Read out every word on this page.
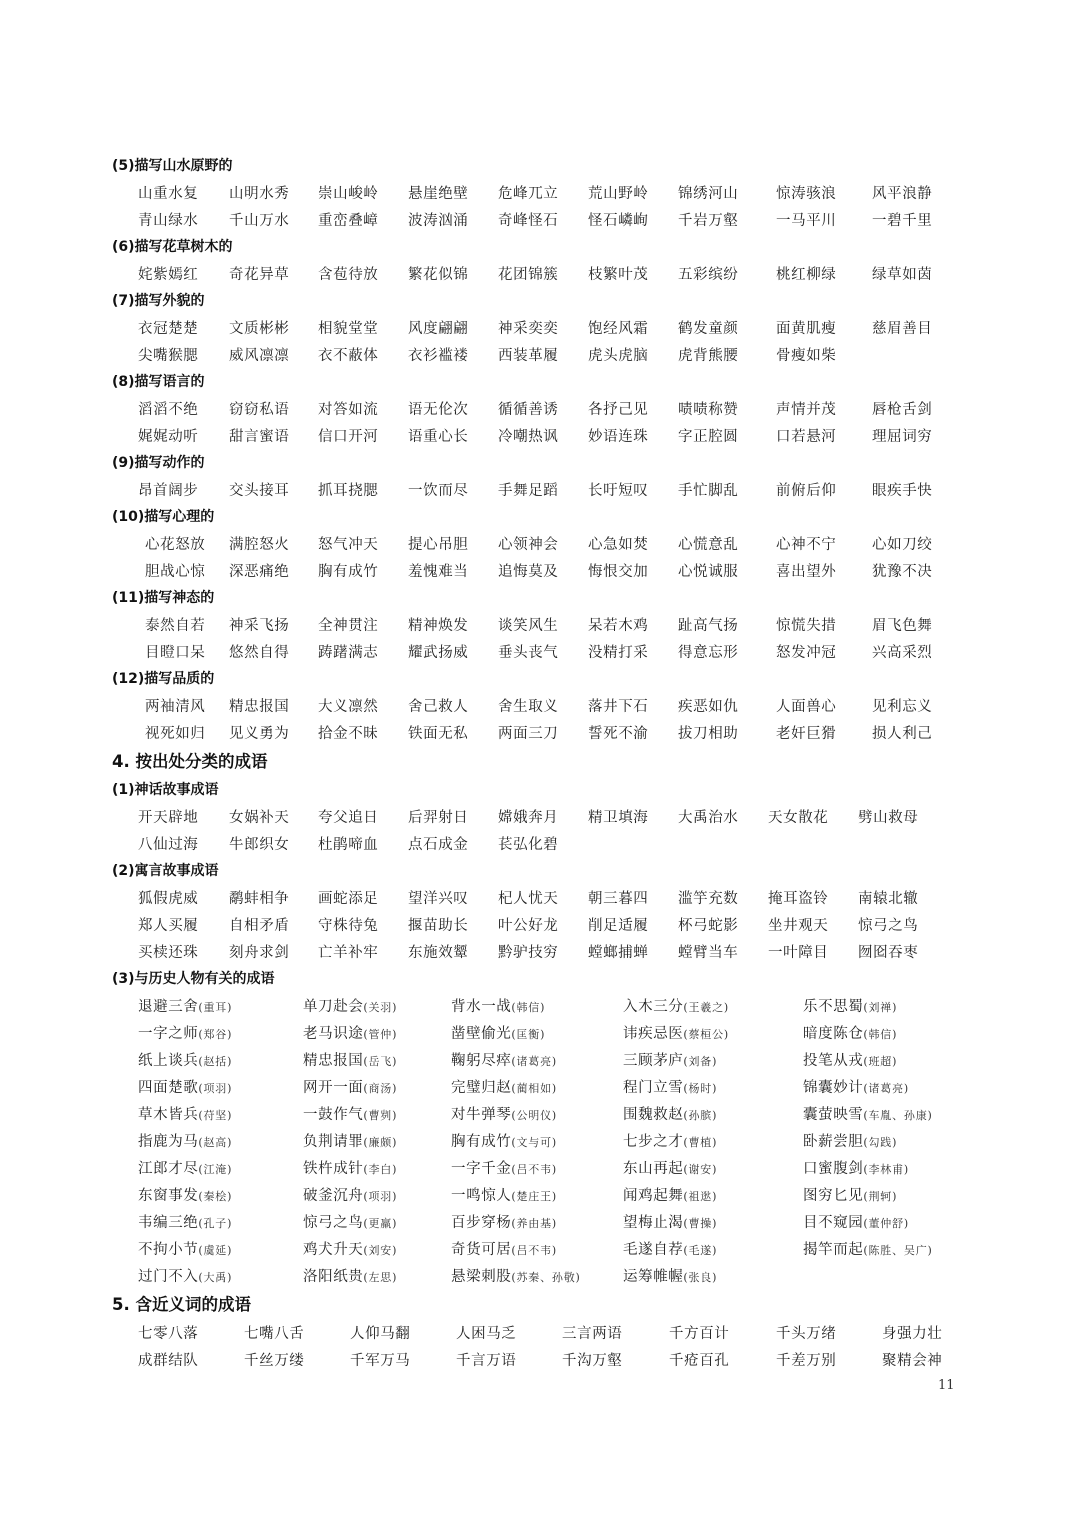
(5)描写山水原野的
山重水复 山明水秀 崇山峻岭 悬崖绝壁 危峰兀立 荒山野岭 锦绣河山	惊涛骇浪 风平浪静
青山绿水 千山万水 重峦叠嶂 波涛汹涌 奇峰怪石 怪石嶙峋 千岩万壑	一马平川 一碧千里
(6)描写花草树木的
姹紫嫣红 奇花异草 含苞待放 繁花似锦 花团锦簇 枝繁叶茂 五彩缤纷	桃红柳绿 绿草如茵
(7)描写外貌的
衣冠楚楚 文质彬彬 相貌堂堂 风度翩翩 神采奕奕 饱经风霜 鹤发童颜	面黄肌瘦 慈眉善目
尖嘴猴腮 威风凛凛 衣不蔽体 衣衫褴褛 西装革履 虎头虎脑 虎背熊腰	骨瘦如柴
(8)描写语言的
滔滔不绝 窃窃私语 对答如流 语无伦次 循循善诱 各抒己见 啧啧称赞	声情并茂 唇枪舌剑
娓娓动听 甜言蜜语 信口开河 语重心长 冷嘲热讽 妙语连珠 字正腔圆	口若悬河 理屈词穷
(9)描写动作的
昂首阔步 交头接耳 抓耳挠腮 一饮而尽 手舞足蹈 长吁短叹 手忙脚乱	前俯后仰 眼疾手快
(10)描写心理的
心花怒放 满腔怒火 怒气冲天 提心吊胆 心领神会 心急如焚 心慌意乱	心神不宁 心如刀绞
胆战心惊 深恶痛绝 胸有成竹 羞愧难当 追悔莫及 悔恨交加 心悦诚服	喜出望外 犹豫不决
(11)描写神态的
泰然自若 神采飞扬 全神贯注 精神焕发 谈笑风生 呆若木鸡 趾高气扬	惊慌失措 眉飞色舞
目瞪口呆 悠然自得 踌躇满志 耀武扬威 垂头丧气 没精打采 得意忘形	怒发冲冠 兴高采烈
(12)描写品质的
两袖清风 精忠报国 大义凛然 舍己救人 舍生取义 落井下石 疾恶如仇	人面兽心 见利忘义
视死如归 见义勇为 拾金不昧 铁面无私 两面三刀 誓死不渝 拔刀相助	老奸巨猾 损人利己
4. 按出处分类的成语
(1)神话故事成语
开天辟地 女娲补天 夸父追日 后羿射日 嫦娥奔月 精卫填海 大禹治水 天女散花 劈山救母
八仙过海 牛郎织女 杜鹃啼血 点石成金 苌弘化碧
(2)寓言故事成语
狐假虎威 鹬蚌相争 画蛇添足 望洋兴叹 杞人忧天 朝三暮四 滥竽充数 掩耳盗铃 南辕北辙
郑人买履 自相矛盾 守株待兔 揠苗助长 叶公好龙 削足适履 杯弓蛇影 坐井观天 惊弓之鸟
买椟还珠 刻舟求剑 亡羊补牢 东施效颦 黔驴技穷 螳螂捕蝉 螳臂当车 一叶障目 囫囵吞枣
(3)与历史人物有关的成语
退避三舍(重耳)	单刀赴会(关羽)	背水一战(韩信)	入木三分(王羲之)	乐不思蜀(刘禅)
一字之师(郑谷)	老马识途(管仲)	凿壁偷光(匡衡)	讳疾忌医(蔡桓公)	暗度陈仓(韩信)
纸上谈兵(赵括)	精忠报国(岳飞)	鞠躬尽瘁(诸葛亮)	三顾茅庐(刘备)	投笔从戎(班超)
四面楚歌(项羽)	网开一面(商汤)	完璧归赵(蔺相如)	程门立雪(杨时)	锦囊妙计(诸葛亮)
草木皆兵(苻坚)	一鼓作气(曹刿)	对牛弹琴(公明仪)	围魏救赵(孙膑)	囊萤映雪(车胤、孙康)
指鹿为马(赵高)	负荆请罪(廉颇)	胸有成竹(文与可)	七步之才(曹植)	卧薪尝胆(勾践)
江郎才尽(江淹)	铁杵成针(李白)	一字千金(吕不韦)	东山再起(谢安)	口蜜腹剑(李林甫)
东窗事发(秦桧)	破釜沉舟(项羽)	一鸣惊人(楚庄王)	闻鸡起舞(祖逖)	图穷匕见(荆轲)
韦编三绝(孔子)	惊弓之鸟(更羸)	百步穿杨(养由基)	望梅止渴(曹操)	目不窥园(董仲舒)
不拘小节(虞延)	鸡犬升天(刘安)	奇货可居(吕不韦)	毛遂自荐(毛遂)	揭竿而起(陈胜、吴广)
过门不入(大禹)	洛阳纸贵(左思)	悬梁刺股(苏秦、孙敬)	运筹帷幄(张良)
5. 含近义词的成语
七零八落	七嘴八舌	人仰马翻	人困马乏	三言两语	千方百计	千头万绪	身强力壮
成群结队	千丝万缕	千军万马	千言万语	千沟万壑	千疮百孔	千差万别	聚精会神
11
